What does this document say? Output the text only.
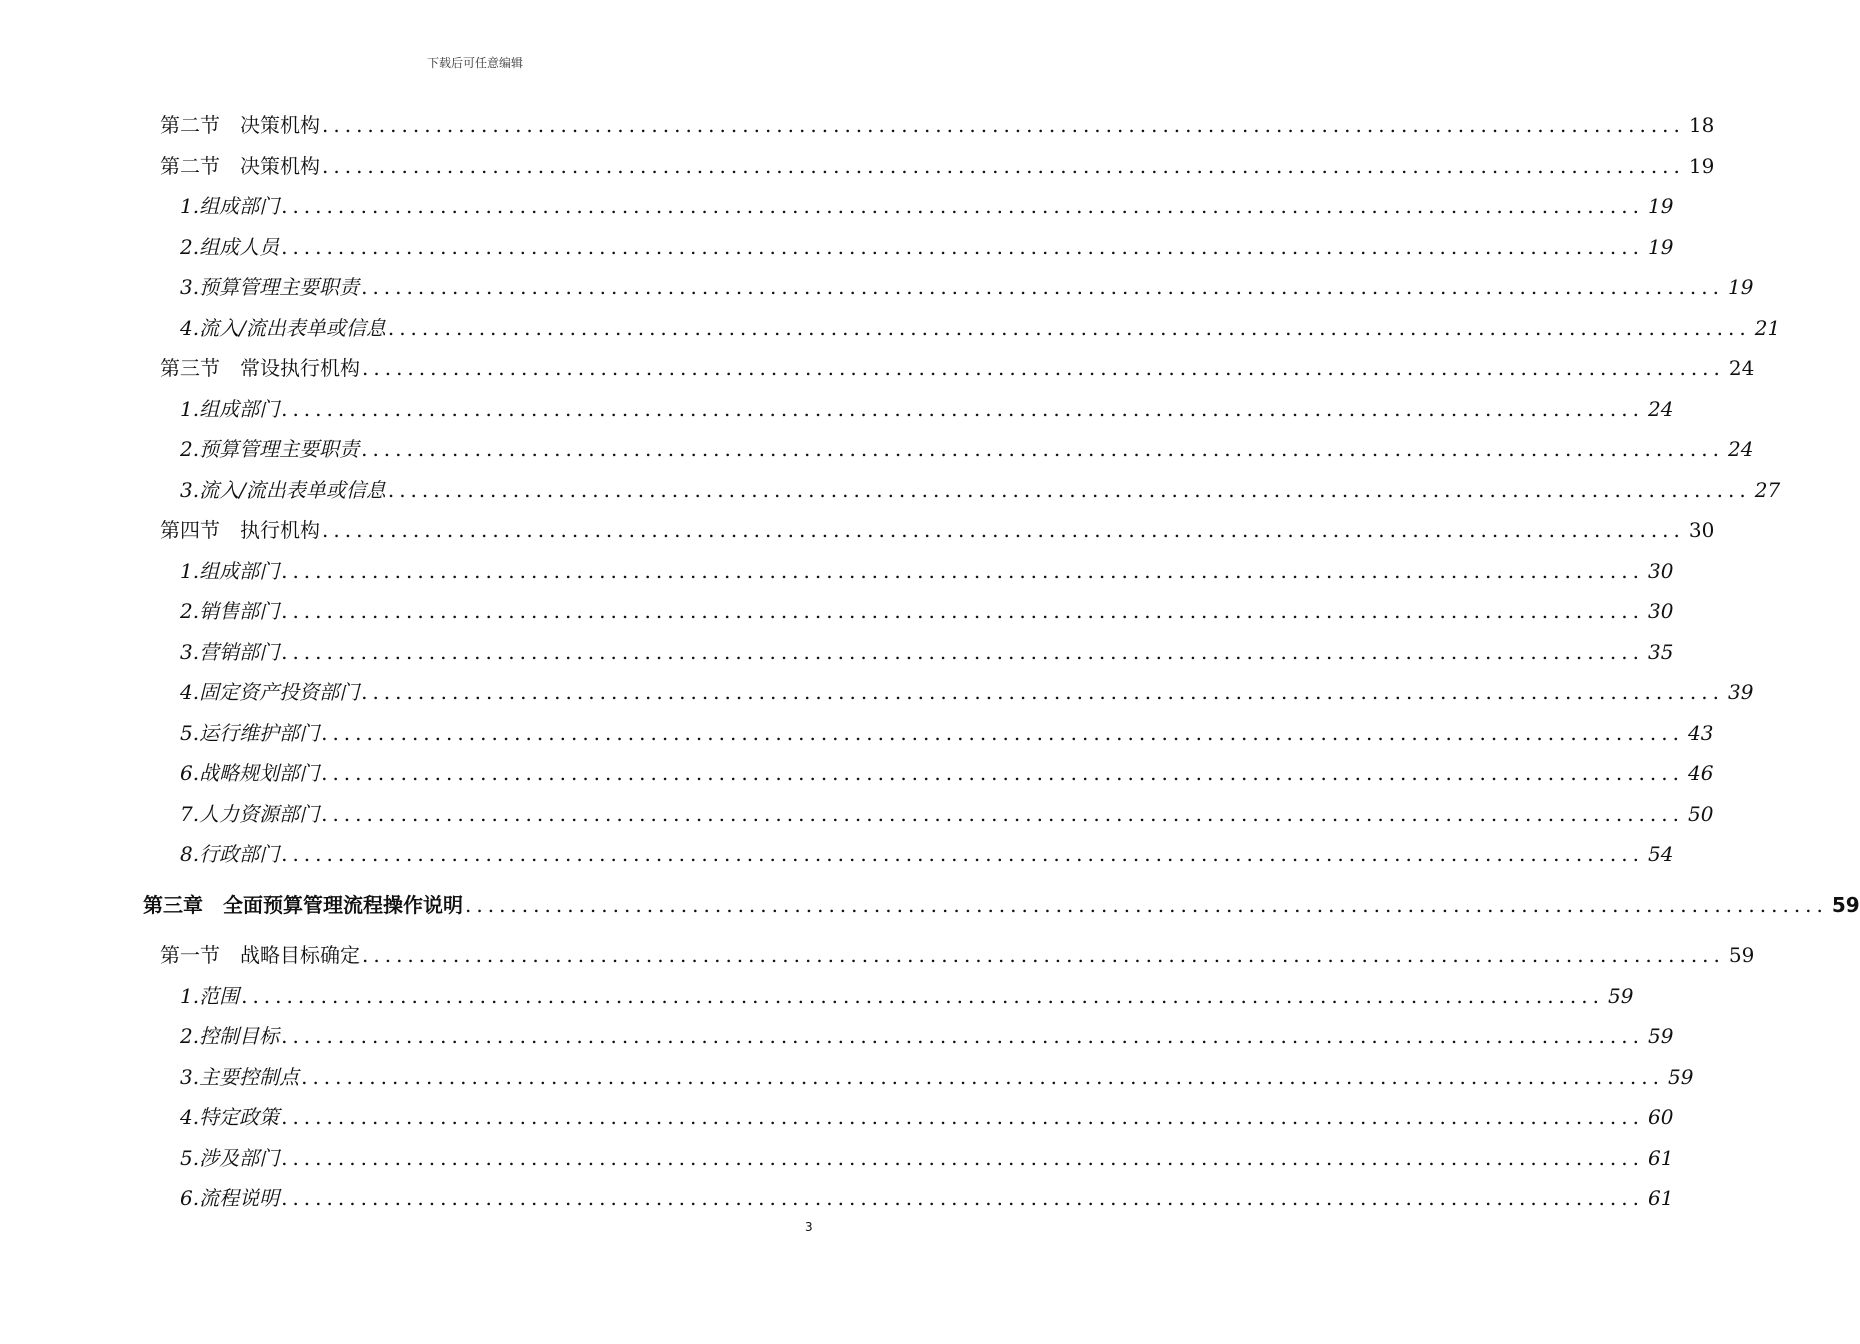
下载后可任意编辑
第二节　决策机构 ........................................................................................................................ 18
第二节　决策机构 ........................................................................................................................ 19
1. 组成部门 ........................................................................................................................ 19
2. 组成人员 ........................................................................................................................ 19
3. 预算管理主要职责 ........................................................................................................................ 19
4. 流入/流出表单或信息 ........................................................................................................................ 21
第三节　常设执行机构 ........................................................................................................................ 24
1. 组成部门 ........................................................................................................................ 24
2. 预算管理主要职责 ........................................................................................................................ 24
3. 流入/流出表单或信息 ........................................................................................................................ 27
第四节　执行机构 ........................................................................................................................ 30
1. 组成部门 ........................................................................................................................ 30
2. 销售部门 ........................................................................................................................ 30
3. 营销部门 ........................................................................................................................ 35
4. 固定资产投资部门 ........................................................................................................................ 39
5. 运行维护部门 ........................................................................................................................ 43
6. 战略规划部门 ........................................................................................................................ 46
7. 人力资源部门 ........................................................................................................................ 50
8. 行政部门 ........................................................................................................................ 54
第三章　全面预算管理流程操作说明 ........................................................................................................................ 59
第一节　战略目标确定 ........................................................................................................................ 59
1. 范围 ........................................................................................................................ 59
2. 控制目标 ........................................................................................................................ 59
3. 主要控制点 ........................................................................................................................ 59
4. 特定政策 ........................................................................................................................ 60
5. 涉及部门 ........................................................................................................................ 61
6. 流程说明 ........................................................................................................................ 61
3
